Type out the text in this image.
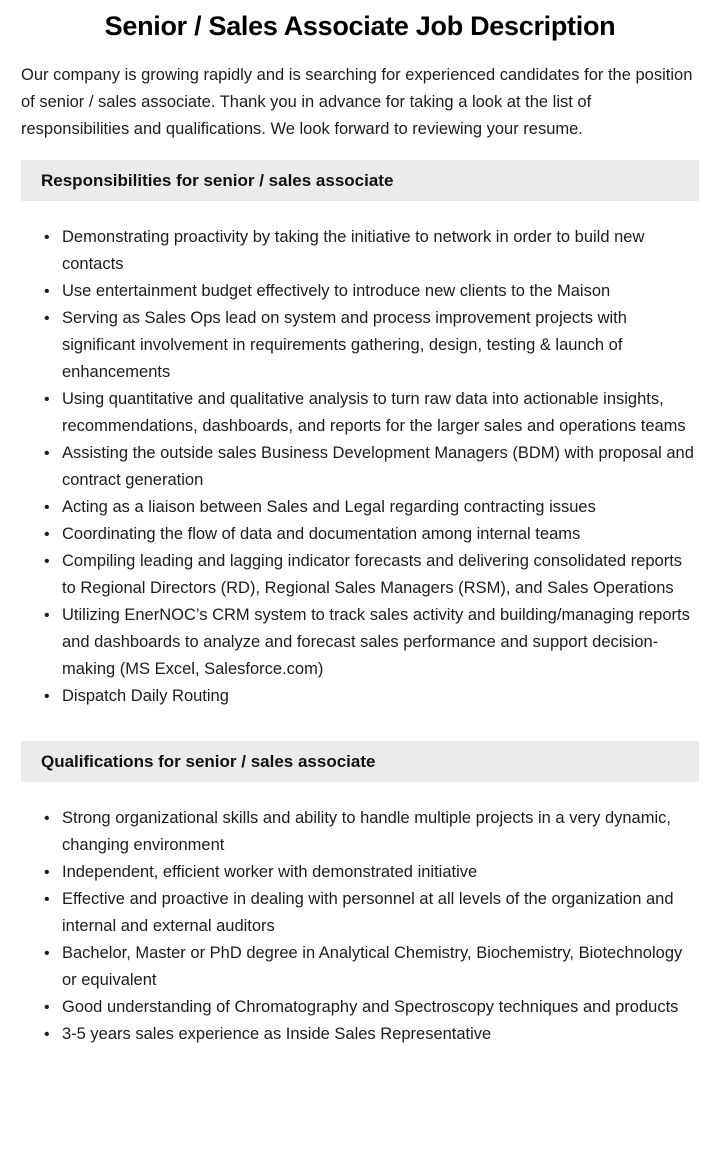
Senior / Sales Associate Job Description

Our company is growing rapidly and is searching for experienced candidates for the position of senior / sales associate. Thank you in advance for taking a look at the list of responsibilities and qualifications. We look forward to reviewing your resume.

Responsibilities for senior / sales associate
• Demonstrating proactivity by taking the initiative to network in order to build new contacts
• Use entertainment budget effectively to introduce new clients to the Maison
• Serving as Sales Ops lead on system and process improvement projects with significant involvement in requirements gathering, design, testing & launch of enhancements
• Using quantitative and qualitative analysis to turn raw data into actionable insights, recommendations, dashboards, and reports for the larger sales and operations teams
• Assisting the outside sales Business Development Managers (BDM) with proposal and contract generation
• Acting as a liaison between Sales and Legal regarding contracting issues
• Coordinating the flow of data and documentation among internal teams
• Compiling leading and lagging indicator forecasts and delivering consolidated reports to Regional Directors (RD), Regional Sales Managers (RSM), and Sales Operations
• Utilizing EnerNOC’s CRM system to track sales activity and building/managing reports and dashboards to analyze and forecast sales performance and support decision-making (MS Excel, Salesforce.com)
• Dispatch Daily Routing
Qualifications for senior / sales associate
• Strong organizational skills and ability to handle multiple projects in a very dynamic, changing environment
• Independent, efficient worker with demonstrated initiative
• Effective and proactive in dealing with personnel at all levels of the organization and internal and external auditors
• Bachelor, Master or PhD degree in Analytical Chemistry, Biochemistry, Biotechnology or equivalent
• Good understanding of Chromatography and Spectroscopy techniques and products
• 3-5 years sales experience as Inside Sales Representative
